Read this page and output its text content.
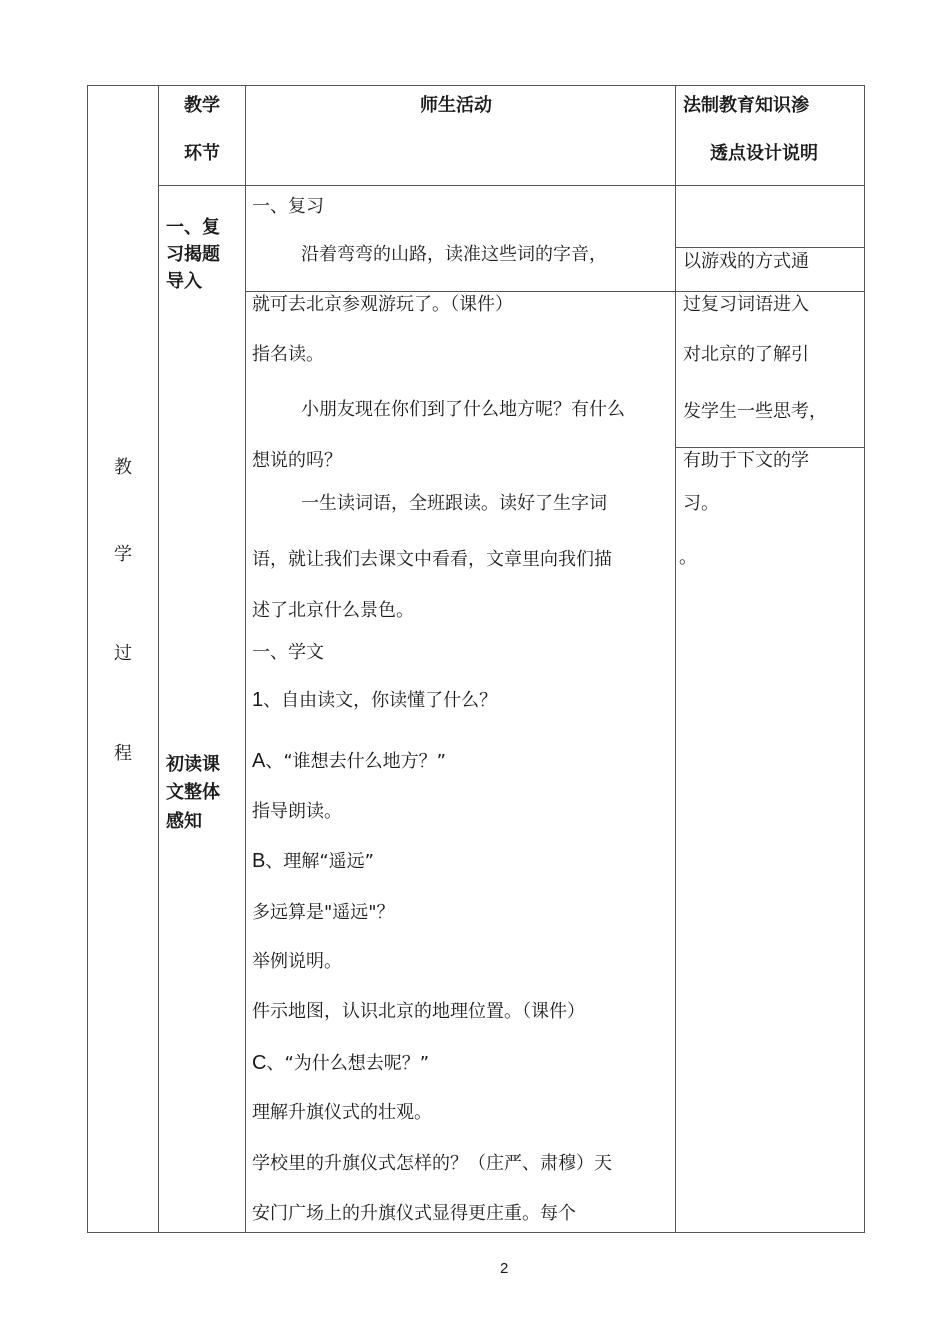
教学
环节
师生活动	法制教育知识渗
透点设计说明
教
学
过
程
一、复
习揭题
导入
初读课
文整体
感知
一、复习
沿着弯弯的山路，读准这些词的字音，
就可去北京参观游玩了。（课件）
指名读。
小朋友现在你们到了什么地方呢？有什么
想说的吗？
一生读词语，全班跟读。读好了生字词
语，就让我们去课文中看看，文章里向我们描
述了北京什么景色。
一、学文
1、自由读文，你读懂了什么？
A、“谁想去什么地方？”
指导朗读。
B、理解“遥远”
多远算是"遥远"？
举例说明。
件示地图，认识北京的地理位置。（课件）
C、“为什么想去呢？”
理解升旗仪式的壮观。
学校里的升旗仪式怎样的？（庄严、肃穆）天
安门广场上的升旗仪式显得更庄重。每个
以游戏的方式通
过复习词语进入
对北京的了解引
发学生一些思考，
有助于下文的学
习。
。
2
